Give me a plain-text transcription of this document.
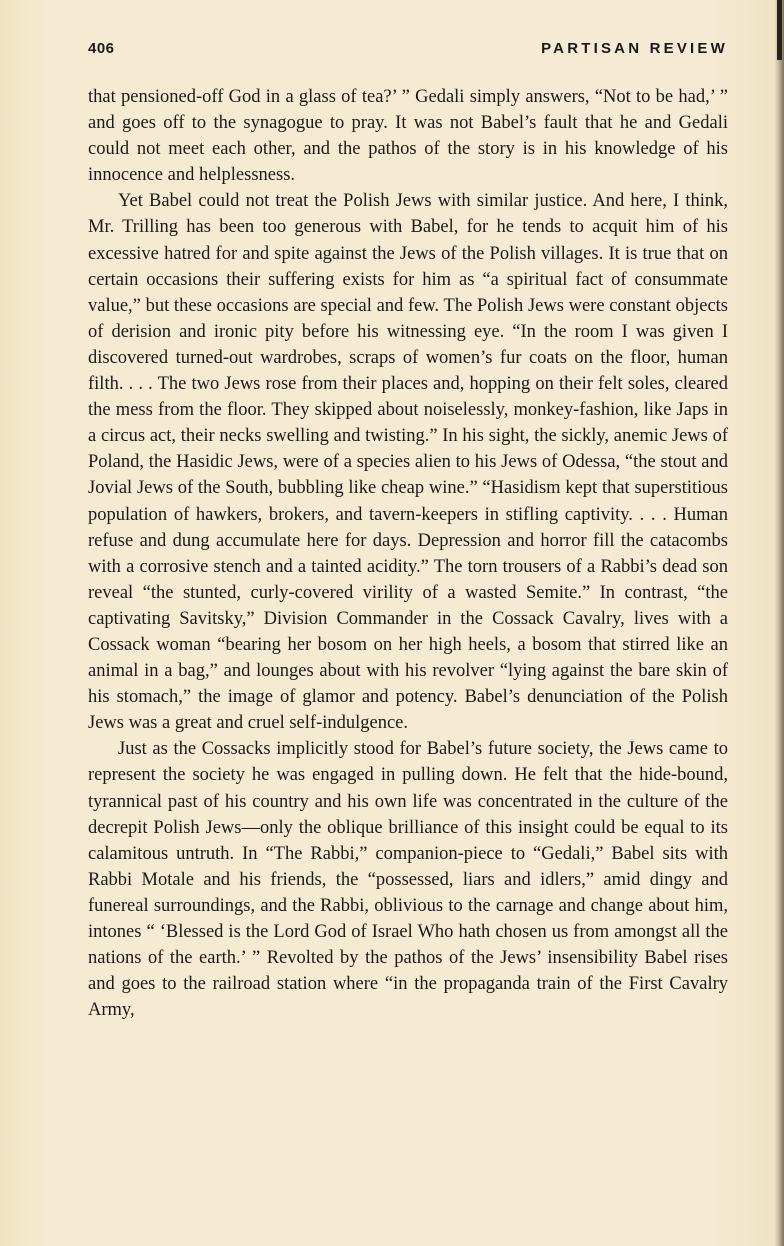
406	PARTISAN REVIEW

that pensioned-off God in a glass of tea?’ ” Gedali simply answers, “Not to be had,’ ” and goes off to the synagogue to pray. It was not Babel’s fault that he and Gedali could not meet each other, and the pathos of the story is in his knowledge of his innocence and helplessness.

Yet Babel could not treat the Polish Jews with similar justice. And here, I think, Mr. Trilling has been too generous with Babel, for he tends to acquit him of his excessive hatred for and spite against the Jews of the Polish villages. It is true that on certain occasions their suffering exists for him as “a spiritual fact of consummate value,” but these occasions are special and few. The Polish Jews were constant objects of derision and ironic pity before his witnessing eye. “In the room I was given I discovered turned-out wardrobes, scraps of women’s fur coats on the floor, human filth. . . . The two Jews rose from their places and, hopping on their felt soles, cleared the mess from the floor. They skipped about noiselessly, monkey-fashion, like Japs in a circus act, their necks swelling and twisting.” In his sight, the sickly, anemic Jews of Poland, the Hasidic Jews, were of a species alien to his Jews of Odessa, “the stout and Jovial Jews of the South, bubbling like cheap wine.” “Hasidism kept that superstitious population of hawkers, brokers, and tavern-keepers in stifling captivity. . . . Human refuse and dung accumulate here for days. Depression and horror fill the catacombs with a corrosive stench and a tainted acidity.” The torn trousers of a Rabbi’s dead son reveal “the stunted, curly-covered virility of a wasted Semite.” In contrast, “the captivating Savitsky,” Division Commander in the Cossack Cavalry, lives with a Cossack woman “bearing her bosom on her high heels, a bosom that stirred like an animal in a bag,” and lounges about with his revolver “lying against the bare skin of his stomach,” the image of glamor and potency. Babel’s denunciation of the Polish Jews was a great and cruel self-indulgence.

Just as the Cossacks implicitly stood for Babel’s future society, the Jews came to represent the society he was engaged in pulling down. He felt that the hide-bound, tyrannical past of his country and his own life was concentrated in the culture of the decrepit Polish Jews—only the oblique brilliance of this insight could be equal to its calamitous untruth. In “The Rabbi,” companion-piece to “Gedali,” Babel sits with Rabbi Motale and his friends, the “possessed, liars and idlers,” amid dingy and funereal surroundings, and the Rabbi, oblivious to the carnage and change about him, intones “ ‘Blessed is the Lord God of Israel Who hath chosen us from amongst all the nations of the earth.’ ” Revolted by the pathos of the Jews’ insensibility Babel rises and goes to the railroad station where “in the propaganda train of the First Cavalry Army,
